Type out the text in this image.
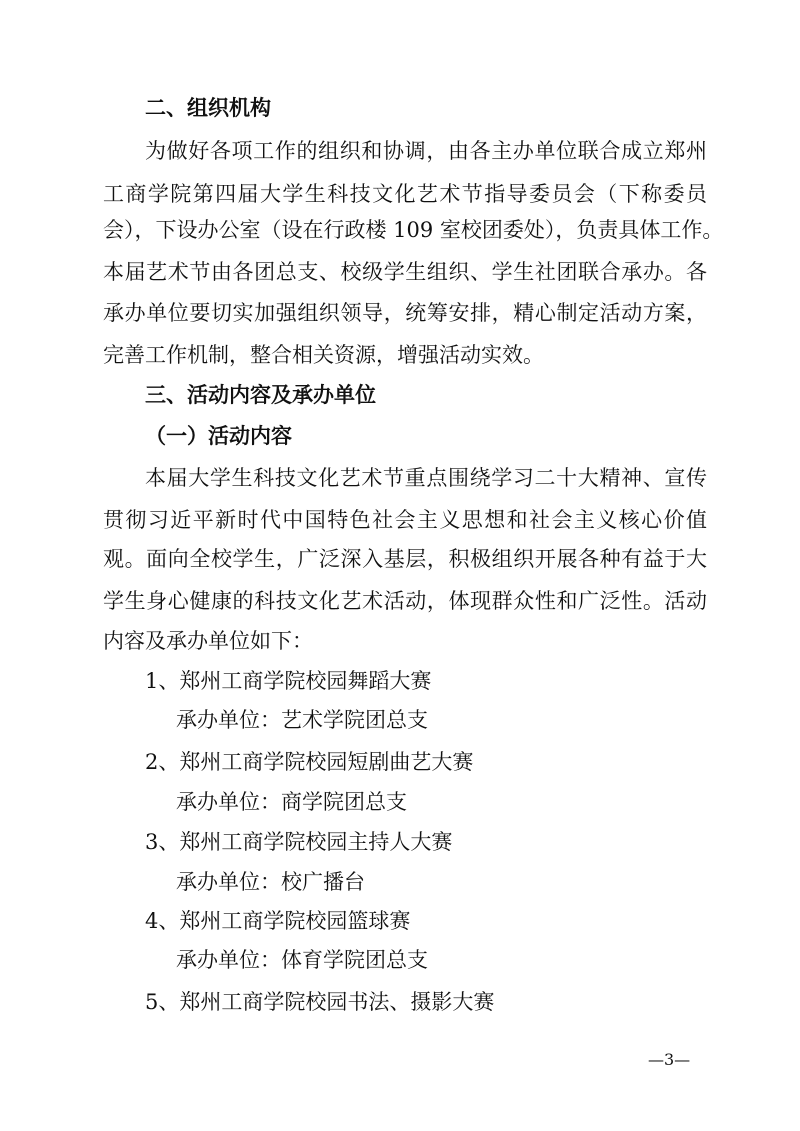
二、组织机构
为做好各项工作的组织和协调，由各主办单位联合成立郑州
工商学院第四届大学生科技文化艺术节指导委员会（下称委员
会），下设办公室（设在行政楼 109 室校团委处），负责具体工作。
本届艺术节由各团总支、校级学生组织、学生社团联合承办。各
承办单位要切实加强组织领导，统筹安排，精心制定活动方案，
完善工作机制，整合相关资源，增强活动实效。
三、活动内容及承办单位
（一）活动内容
本届大学生科技文化艺术节重点围绕学习二十大精神、宣传
贯彻习近平新时代中国特色社会主义思想和社会主义核心价值
观。面向全校学生，广泛深入基层，积极组织开展各种有益于大
学生身心健康的科技文化艺术活动，体现群众性和广泛性。活动
内容及承办单位如下：
1、郑州工商学院校园舞蹈大赛
承办单位：艺术学院团总支
2、郑州工商学院校园短剧曲艺大赛
承办单位：商学院团总支
3、郑州工商学院校园主持人大赛
承办单位：校广播台
4、郑州工商学院校园篮球赛
承办单位：体育学院团总支
5、郑州工商学院校园书法、摄影大赛
—3—
